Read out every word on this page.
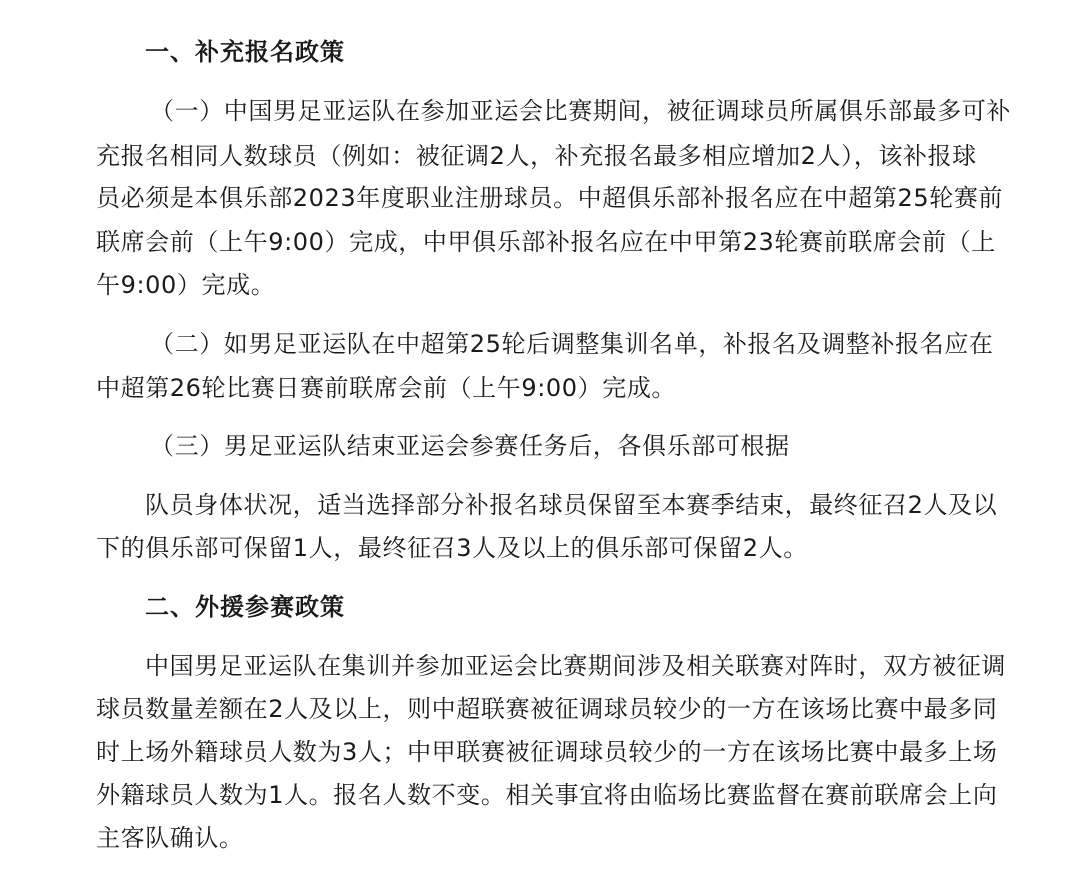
一、补充报名政策
（一）中国男足亚运队在参加亚运会比赛期间，被征调球员所属俱乐部最多可补
充报名相同人数球员（例如：被征调2人，补充报名最多相应增加2人），该补报球
员必须是本俱乐部2023年度职业注册球员。中超俱乐部补报名应在中超第25轮赛前
联席会前（上午9:00）完成，中甲俱乐部补报名应在中甲第23轮赛前联席会前（上
午9:00）完成。
（二）如男足亚运队在中超第25轮后调整集训名单，补报名及调整补报名应在
中超第26轮比赛日赛前联席会前（上午9:00）完成。
（三）男足亚运队结束亚运会参赛任务后，各俱乐部可根据
队员身体状况，适当选择部分补报名球员保留至本赛季结束，最终征召2人及以
下的俱乐部可保留1人，最终征召3人及以上的俱乐部可保留2人。
二、外援参赛政策
中国男足亚运队在集训并参加亚运会比赛期间涉及相关联赛对阵时，双方被征调
球员数量差额在2人及以上，则中超联赛被征调球员较少的一方在该场比赛中最多同
时上场外籍球员人数为3人；中甲联赛被征调球员较少的一方在该场比赛中最多上场
外籍球员人数为1人。报名人数不变。相关事宜将由临场比赛监督在赛前联席会上向
主客队确认。
